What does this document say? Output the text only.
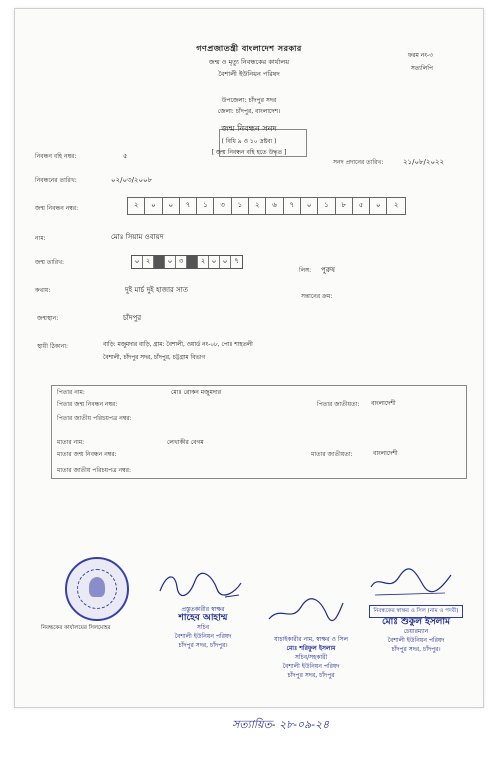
গণপ্রজাতন্ত্রী বাংলাদেশ সরকার
জন্ম ও মৃত্যু নিবন্ধকের কার্যালয়
বৈশালী ইউনিয়ন পরিষদ
উপজেলা: চাঁদপুর সদর
জেলা: চাঁদপুর, বাংলাদেশ।
জন্ম নিবন্ধন সনদ
( বিধি ৯ ও ১০ দ্রষ্টব্য )
[ জন্ম নিবন্ধন বহি হতে উদ্ধৃত ]
ফরম নং-৩
সত্যলিপি
নিবন্ধন বহি নম্বর:	৫
সনদ প্রদানের তারিখ:	২১/০৮/২০২২
নিবন্ধনের তারিখ:	০২/০৩/২০০৮
জন্ম নিবন্ধন নম্বর:	২	০	০	৭	১	৩	১	২	৬	৭	০	১	৮	৫	০	২
নাম:	মোঃ সিয়াম ওবায়দ
জন্ম তারিখ:	০ ২	০ ৩	২ ০ ০ ৭
লিঙ্গ: পুরুষ
কথায়:	দুই মার্চ দুই হাজার সাত
সন্তানের ক্রম:
জন্মস্থান:	চাঁদপুর
স্থায়ী ঠিকানা:	বাড়ি: মজুমদার বাড়ি, গ্রাম: বৈশালী, ওয়ার্ড নং-০৮, পোঃ শাহতলী
বৈশালী, চাঁদপুর সদর, চাঁদপুর, চট্টগ্রাম বিভাগ
পিতার নাম:	মোঃ রোকন মজুমদার
পিতার জন্ম নিবন্ধন নম্বর:	পিতার জাতীয়তা: বাংলাদেশী
পিতার জাতীয় পরিচয়পত্র নম্বর:
মাতার নাম:	লেখাকীর বেগম
মাতার জন্ম নিবন্ধন নম্বর:	মাতার জাতীয়তা:	বাংলাদেশী
মাতার জাতীয় পরিচয়পত্র নম্বর:
নিবন্ধকের কার্যালয়ের সিলমোহর
প্রস্তুতকারীর স্বাক্ষর
শাহেব আহাম্ম
সচিব
বৈশালী ইউনিয়ন পরিষদ
চাঁদপুর সদর, চাঁদপুর।
যাচাইকারীর নাম, স্বাক্ষর ও সিল
মোঃ শরিফুল ইসলাম
সচিব/সহকারী
বৈশালী ইউনিয়ন পরিষদ
চাঁদপুর সদর, চাঁদপুর
নিবন্ধকের স্বাক্ষর ও সিল (নাম ও পদবী)
মোঃ শুকুল ইসলাম
চেয়ারম্যান
বৈশালী ইউনিয়ন পরিষদ
চাঁদপুর সদর, চাঁদপুর।
সত্যায়িত- ২৮-০৯-২৪
